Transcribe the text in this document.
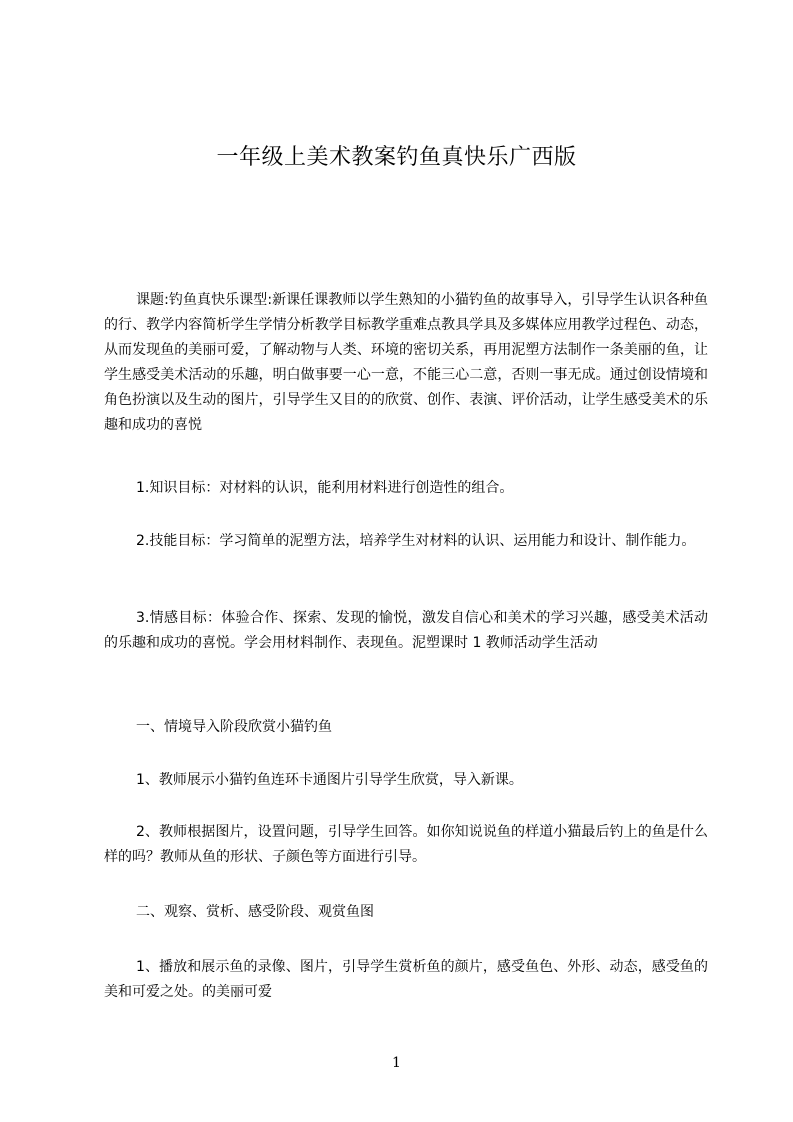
一年级上美术教案钓鱼真快乐广西版
课题:钓鱼真快乐课型:新课任课教师以学生熟知的小猫钓鱼的故事导入，引导学生认识各种鱼的行、教学内容简析学生学情分析教学目标教学重难点教具学具及多媒体应用教学过程色、动态，从而发现鱼的美丽可爱，了解动物与人类、环境的密切关系，再用泥塑方法制作一条美丽的鱼，让学生感受美术活动的乐趣，明白做事要一心一意，不能三心二意，否则一事无成。通过创设情境和角色扮演以及生动的图片，引导学生又目的的欣赏、创作、表演、评价活动，让学生感受美术的乐趣和成功的喜悦
1.知识目标：对材料的认识，能利用材料进行创造性的组合。
2.技能目标：学习简单的泥塑方法，培养学生对材料的认识、运用能力和设计、制作能力。
3.情感目标：体验合作、探索、发现的愉悦，激发自信心和美术的学习兴趣，感受美术活动的乐趣和成功的喜悦。学会用材料制作、表现鱼。泥塑课时 1 教师活动学生活动
一、情境导入阶段欣赏小猫钓鱼
1、教师展示小猫钓鱼连环卡通图片引导学生欣赏，导入新课。
2、教师根据图片，设置问题，引导学生回答。如你知说说鱼的样道小猫最后钓上的鱼是什么样的吗？教师从鱼的形状、子颜色等方面进行引导。
二、观察、赏析、感受阶段、观赏鱼图
1、播放和展示鱼的录像、图片，引导学生赏析鱼的颜片，感受鱼色、外形、动态，感受鱼的美和可爱之处。的美丽可爱
1
